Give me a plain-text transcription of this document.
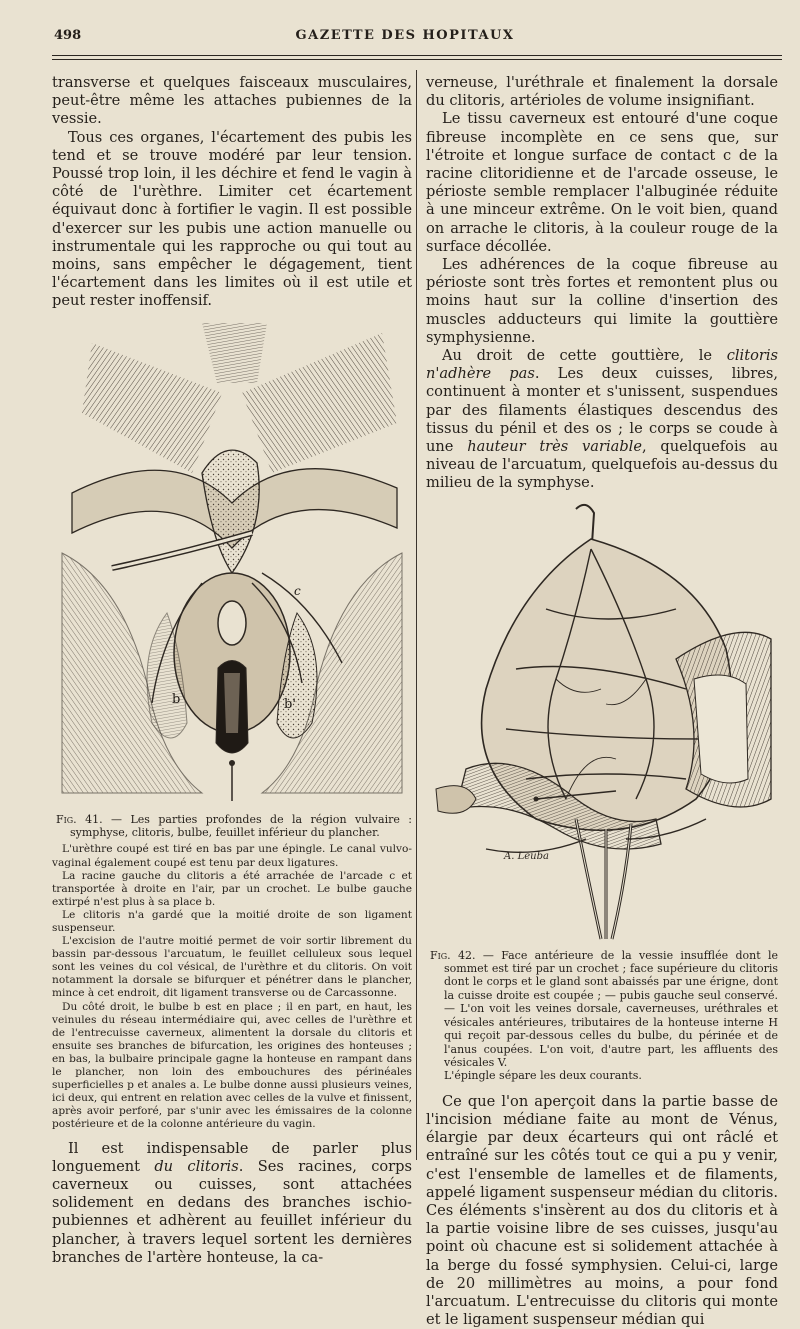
498	GAZETTE DES HOPITAUX

transverse et quelques faisceaux musculaires, peut-être même les attaches pubiennes de la vessie.

Tous ces organes, l'écartement des pubis les tend et se trouve modéré par leur tension. Poussé trop loin, il les déchire et fend le vagin à côté de l'urèthre. Limiter cet écartement équivaut donc à fortifier le vagin. Il est possible d'exercer sur les pubis une action manuelle ou instrumentale qui les rapproche ou qui tout au moins, sans empêcher le dégagement, tient l'écartement dans les limites où il est utile et peut rester inoffensif.

c
b	b'

Fig. 41. — Les parties profondes de la région vulvaire : symphyse, clitoris, bulbe, feuillet inférieur du plancher.

L'urèthre coupé est tiré en bas par une épingle. Le canal vulvo-vaginal également coupé est tenu par deux ligatures.

La racine gauche du clitoris a été arrachée de l'arcade c et transportée à droite en l'air, par un crochet. Le bulbe gauche extirpé n'est plus à sa place b.

Le clitoris n'a gardé que la moitié droite de son ligament suspenseur.

L'excision de l'autre moitié permet de voir sortir librement du bassin par-dessous l'arcuatum, le feuillet celluleux sous lequel sont les veines du col vésical, de l'urèthre et du clitoris. On voit notamment la dorsale se bifurquer et pénétrer dans le plancher, mince à cet endroit, dit ligament transverse ou de Carcassonne.

Du côté droit, le bulbe b est en place ; il en part, en haut, les veinules du réseau intermédiaire qui, avec celles de l'urèthre et de l'entrecuisse caverneux, alimentent la dorsale du clitoris et ensuite ses branches de bifurcation, les origines des honteuses ; en bas, la bulbaire principale gagne la honteuse en rampant dans le plancher, non loin des embouchures des périnéales superficielles p et anales a. Le bulbe donne aussi plusieurs veines, ici deux, qui entrent en relation avec celles de la vulve et finissent, après avoir perforé, par s'unir avec les émissaires de la colonne postérieure et de la colonne antérieure du vagin.

Il est indispensable de parler plus longuement du clitoris. Ses racines, corps caverneux ou cuisses, sont attachées solidement en dedans des branches ischio-pubiennes et adhèrent au feuillet inférieur du plancher, à travers lequel sortent les dernières branches de l'artère honteuse, la ca-

verneuse, l'uréthrale et finalement la dorsale du clitoris, artérioles de volume insignifiant.

Le tissu caverneux est entouré d'une coque fibreuse incomplète en ce sens que, sur l'étroite et longue surface de contact c de la racine clitoridienne et de l'arcade osseuse, le périoste semble remplacer l'albuginée réduite à une minceur extrême. On le voit bien, quand on arrache le clitoris, à la couleur rouge de la surface décollée.

Les adhérences de la coque fibreuse au périoste sont très fortes et remontent plus ou moins haut sur la colline d'insertion des muscles adducteurs qui limite la gouttière symphysienne.

Au droit de cette gouttière, le clitoris n'adhère pas. Les deux cuisses, libres, continuent à monter et s'unissent, suspendues par des filaments élastiques descendus des tissus du pénil et des os ; le corps se coude à une hauteur très variable, quelquefois au niveau de l'arcuatum, quelquefois au-dessus du milieu de la symphyse.

A. Leuba

Fig. 42. — Face antérieure de la vessie insufflée dont le sommet est tiré par un crochet ; face supérieure du clitoris dont le corps et le gland sont abaissés par une érigne, dont la cuisse droite est coupée ; — pubis gauche seul conservé. — L'on voit les veines dorsale, caverneuses, uréthrales et vésicales antérieures, tributaires de la honteuse interne H qui reçoit par-dessous celles du bulbe, du périnée et de l'anus coupées. L'on voit, d'autre part, les affluents des vésicales V.

L'épingle sépare les deux courants.

Ce que l'on aperçoit dans la partie basse de l'incision médiane faite au mont de Vénus, élargie par deux écarteurs qui ont râclé et entraîné sur les côtés tout ce qui a pu y venir, c'est l'ensemble de lamelles et de filaments, appelé ligament suspenseur médian du clitoris. Ces éléments s'insèrent au dos du clitoris et à la partie voisine libre de ses cuisses, jusqu'au point où chacune est si solidement attachée à la berge du fossé symphysien. Celui-ci, large de 20 millimètres au moins, a pour fond l'arcuatum. L'entrecuisse du clitoris qui monte et le ligament suspenseur médian qui
